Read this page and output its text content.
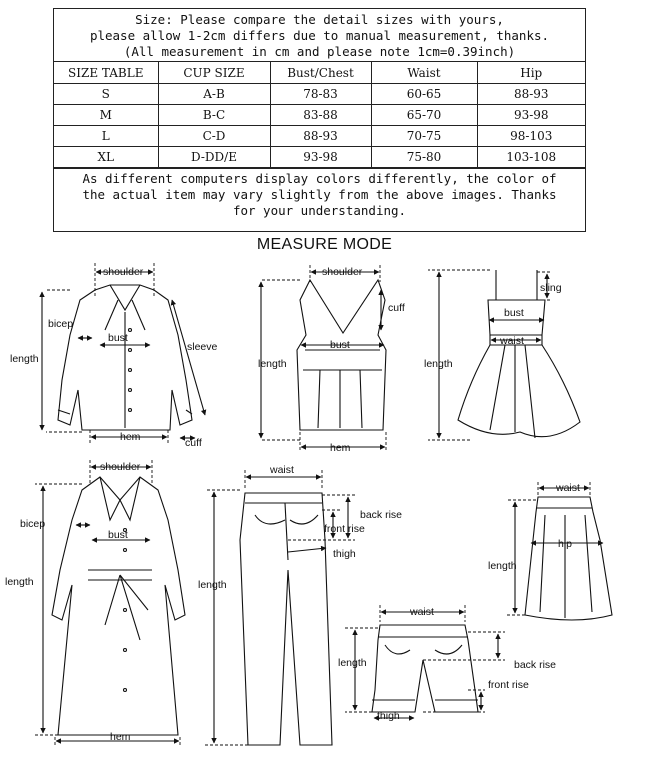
Size: Please compare the detail sizes with yours,
please allow 1-2cm differs due to manual measurement, thanks.
(All measurement in cm and please note 1cm=0.39inch)
SIZE TABLE	CUP SIZE	Bust/Chest	Waist	Hip
S	A-B	78-83	60-65	88-93
M	B-C	83-88	65-70	93-98
L	C-D	88-93	70-75	98-103
XL	D-DD/E	93-98	75-80	103-108
As different computers display colors differently, the color of
the actual item may vary slightly from the above images. Thanks
for your understanding.
MEASURE MODE
shoulder
bicep
bust
sleeve
length
hem	cuff
shoulder
cuff
bust
length
hem
sling
bust
waist
length
shoulder
bicep
bust
length
hem
waist
back rise
front rise
thigh
length
waist
hip
length
waist
length	back rise
front rise
thigh
